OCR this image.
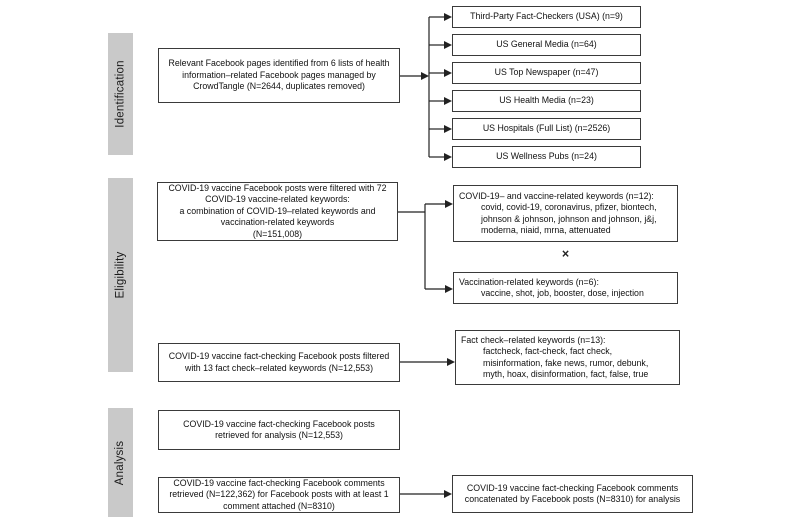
Identification
Eligibility
Analysis
Relevant Facebook pages identified from 6 lists of health
information–related Facebook pages managed by
CrowdTangle (N=2644, duplicates removed)
Third-Party Fact-Checkers (USA) (n=9)
US General Media (n=64)
US Top Newspaper (n=47)
US Health Media (n=23)
US Hospitals (Full List) (n=2526)
US Wellness Pubs (n=24)
COVID-19 vaccine Facebook posts were filtered with 72
COVID-19 vaccine-related keywords:
a combination of COVID-19–related keywords and
vaccination-related keywords
(N=151,008)
COVID-19– and vaccine-related keywords (n=12):
covid, covid-19, coronavirus, pfizer, biontech,
johnson & johnson, johnson and johnson, j&j,
moderna, niaid, mrna, attenuated
×
Vaccination-related keywords (n=6):
vaccine, shot, job, booster, dose, injection
COVID-19 vaccine fact-checking Facebook posts filtered
with 13 fact check–related keywords (N=12,553)
Fact check–related keywords (n=13):
factcheck, fact-check, fact check,
misinformation, fake news, rumor, debunk,
myth, hoax, disinformation, fact, false, true
COVID-19 vaccine fact-checking Facebook posts
retrieved for analysis (N=12,553)
COVID-19 vaccine fact-checking Facebook comments
retrieved (N=122,362) for Facebook posts with at least 1
comment attached (N=8310)
COVID-19 vaccine fact-checking Facebook comments
concatenated by Facebook posts (N=8310) for analysis
